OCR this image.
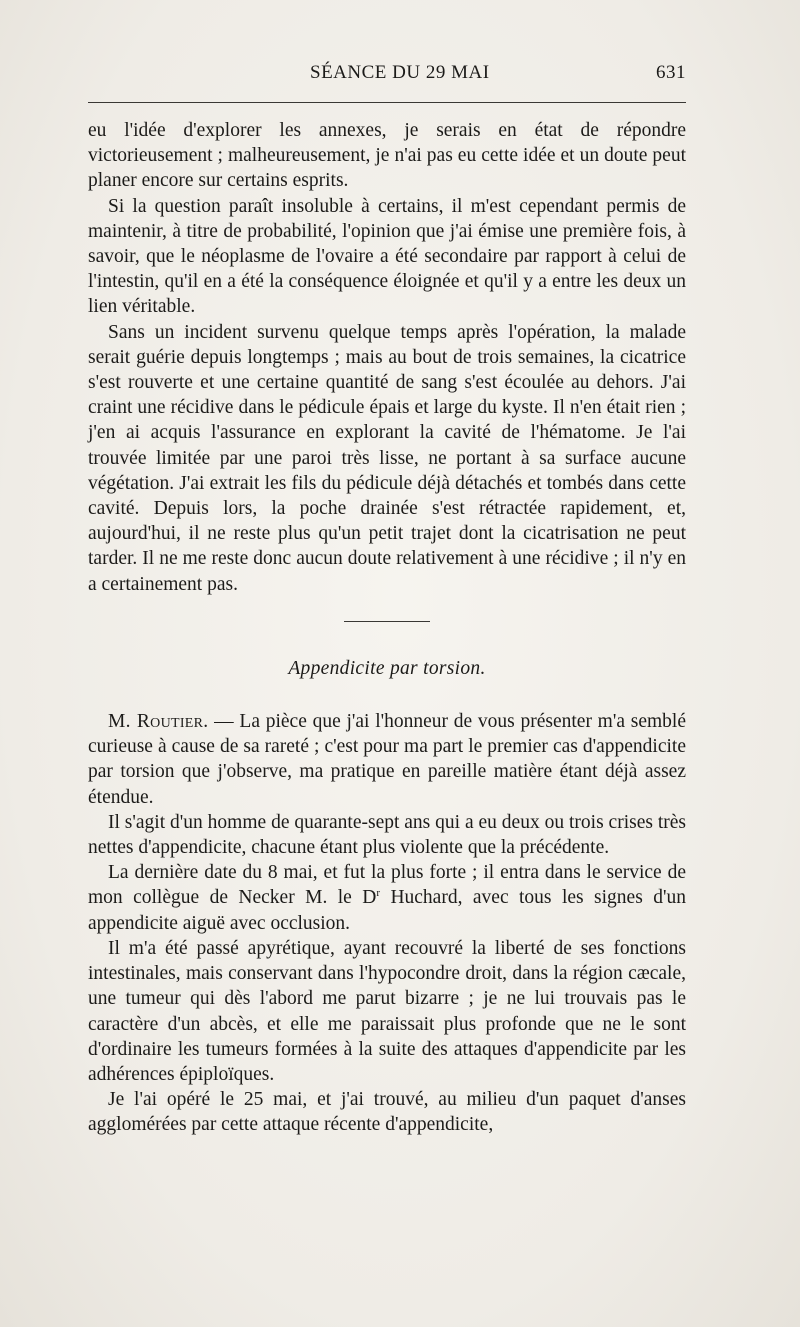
SÉANCE DU 29 MAI	631

eu l'idée d'explorer les annexes, je serais en état de répondre victorieusement ; malheureusement, je n'ai pas eu cette idée et un doute peut planer encore sur certains esprits.

Si la question paraît insoluble à certains, il m'est cependant permis de maintenir, à titre de probabilité, l'opinion que j'ai émise une première fois, à savoir, que le néoplasme de l'ovaire a été secondaire par rapport à celui de l'intestin, qu'il en a été la conséquence éloignée et qu'il y a entre les deux un lien véritable.

Sans un incident survenu quelque temps après l'opération, la malade serait guérie depuis longtemps ; mais au bout de trois semaines, la cicatrice s'est rouverte et une certaine quantité de sang s'est écoulée au dehors. J'ai craint une récidive dans le pédicule épais et large du kyste. Il n'en était rien ; j'en ai acquis l'assurance en explorant la cavité de l'hématome. Je l'ai trouvée limitée par une paroi très lisse, ne portant à sa surface aucune végétation. J'ai extrait les fils du pédicule déjà détachés et tombés dans cette cavité. Depuis lors, la poche drainée s'est rétractée rapidement, et, aujourd'hui, il ne reste plus qu'un petit trajet dont la cicatrisation ne peut tarder. Il ne me reste donc aucun doute relativement à une récidive ; il n'y en a certainement pas.

Appendicite par torsion.

M. Routier. — La pièce que j'ai l'honneur de vous présenter m'a semblé curieuse à cause de sa rareté ; c'est pour ma part le premier cas d'appendicite par torsion que j'observe, ma pratique en pareille matière étant déjà assez étendue.

Il s'agit d'un homme de quarante-sept ans qui a eu deux ou trois crises très nettes d'appendicite, chacune étant plus violente que la précédente.

La dernière date du 8 mai, et fut la plus forte ; il entra dans le service de mon collègue de Necker M. le $D^r$ Huchard, avec tous les signes d'un appendicite aiguë avec occlusion.

Il m'a été passé apyrétique, ayant recouvré la liberté de ses fonctions intestinales, mais conservant dans l'hypocondre droit, dans la région cæcale, une tumeur qui dès l'abord me parut bizarre ; je ne lui trouvais pas le caractère d'un abcès, et elle me paraissait plus profonde que ne le sont d'ordinaire les tumeurs formées à la suite des attaques d'appendicite par les adhérences épiploïques.

Je l'ai opéré le 25 mai, et j'ai trouvé, au milieu d'un paquet d'anses agglomérées par cette attaque récente d'appendicite,
